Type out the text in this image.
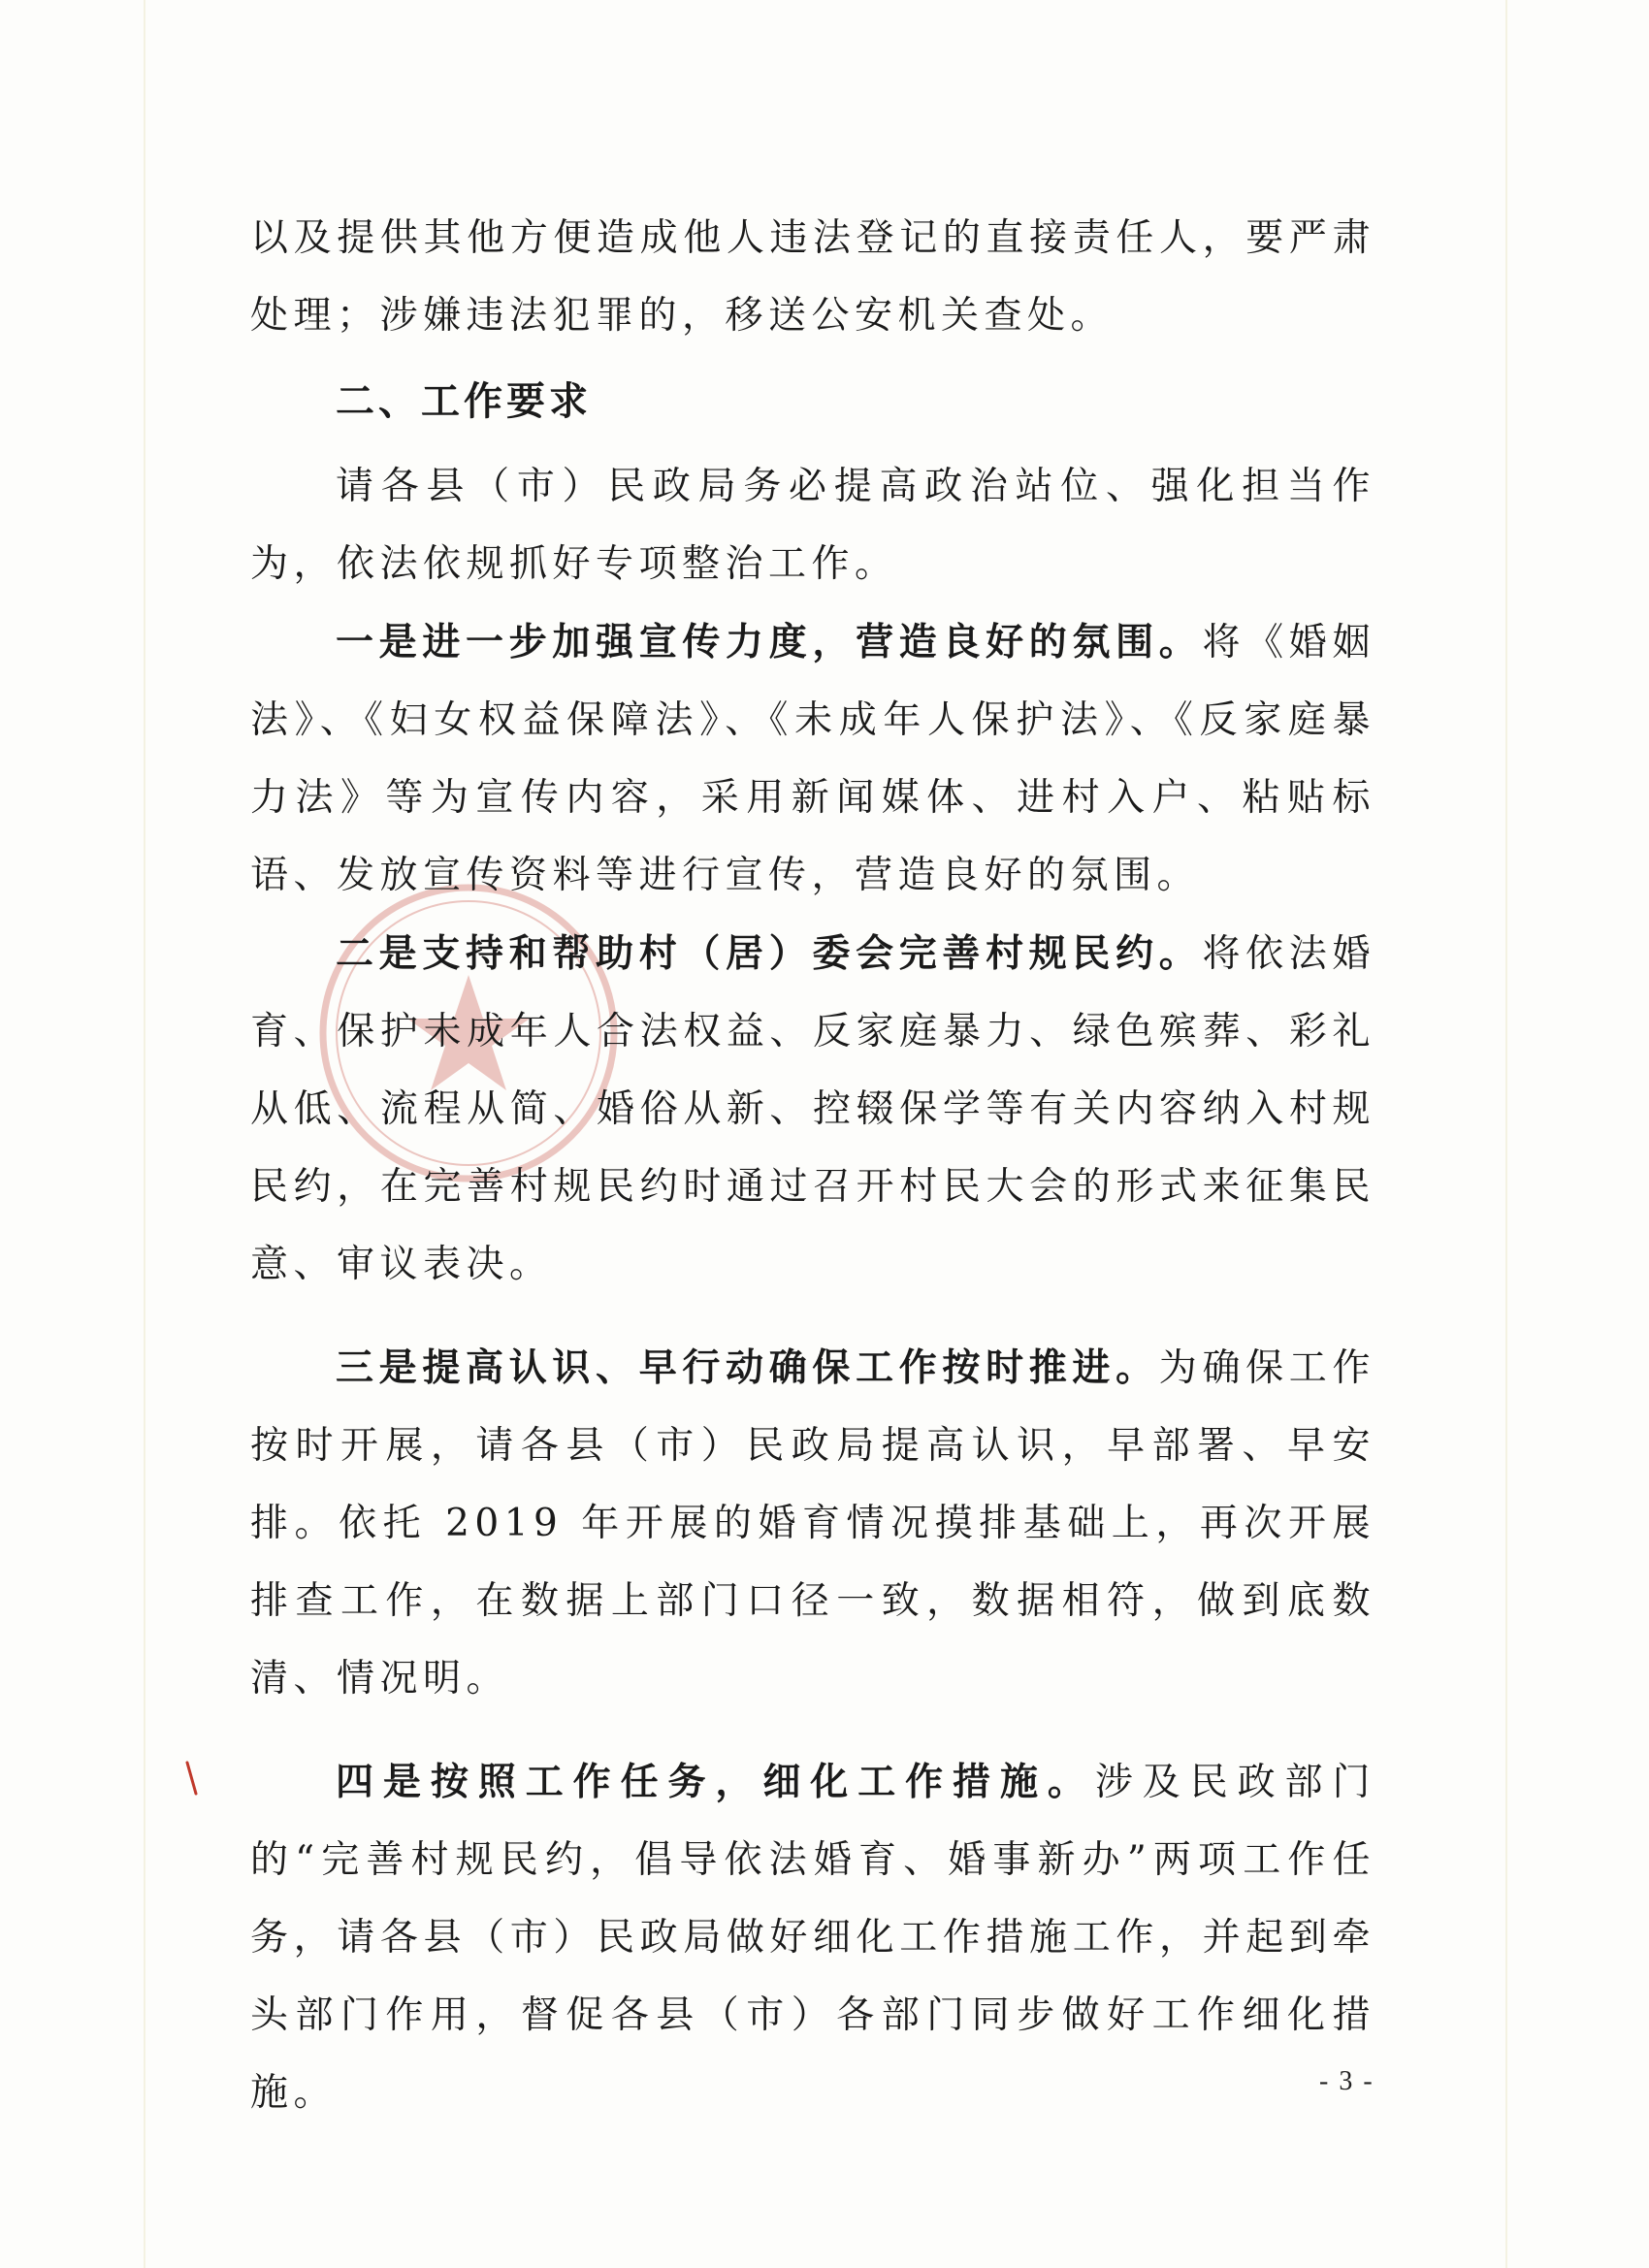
以及提供其他方便造成他人违法登记的直接责任人，要严肃处理；涉嫌违法犯罪的，移送公安机关查处。

二、工作要求

请各县（市）民政局务必提高政治站位、强化担当作为，依法依规抓好专项整治工作。

一是进一步加强宣传力度，营造良好的氛围。将《婚姻法》、《妇女权益保障法》、《未成年人保护法》、《反家庭暴力法》等为宣传内容，采用新闻媒体、进村入户、粘贴标语、发放宣传资料等进行宣传，营造良好的氛围。

二是支持和帮助村（居）委会完善村规民约。将依法婚育、保护未成年人合法权益、反家庭暴力、绿色殡葬、彩礼从低、流程从简、婚俗从新、控辍保学等有关内容纳入村规民约，在完善村规民约时通过召开村民大会的形式来征集民意、审议表决。

三是提高认识、早行动确保工作按时推进。为确保工作按时开展，请各县（市）民政局提高认识，早部署、早安排。依托 2019 年开展的婚育情况摸排基础上，再次开展排查工作，在数据上部门口径一致，数据相符，做到底数清、情况明。

四是按照工作任务，细化工作措施。涉及民政部门的“完善村规民约，倡导依法婚育、婚事新办”两项工作任务，请各县（市）民政局做好细化工作措施工作，并起到牵头部门作用，督促各县（市）各部门同步做好工作细化措施。	- 3 -
